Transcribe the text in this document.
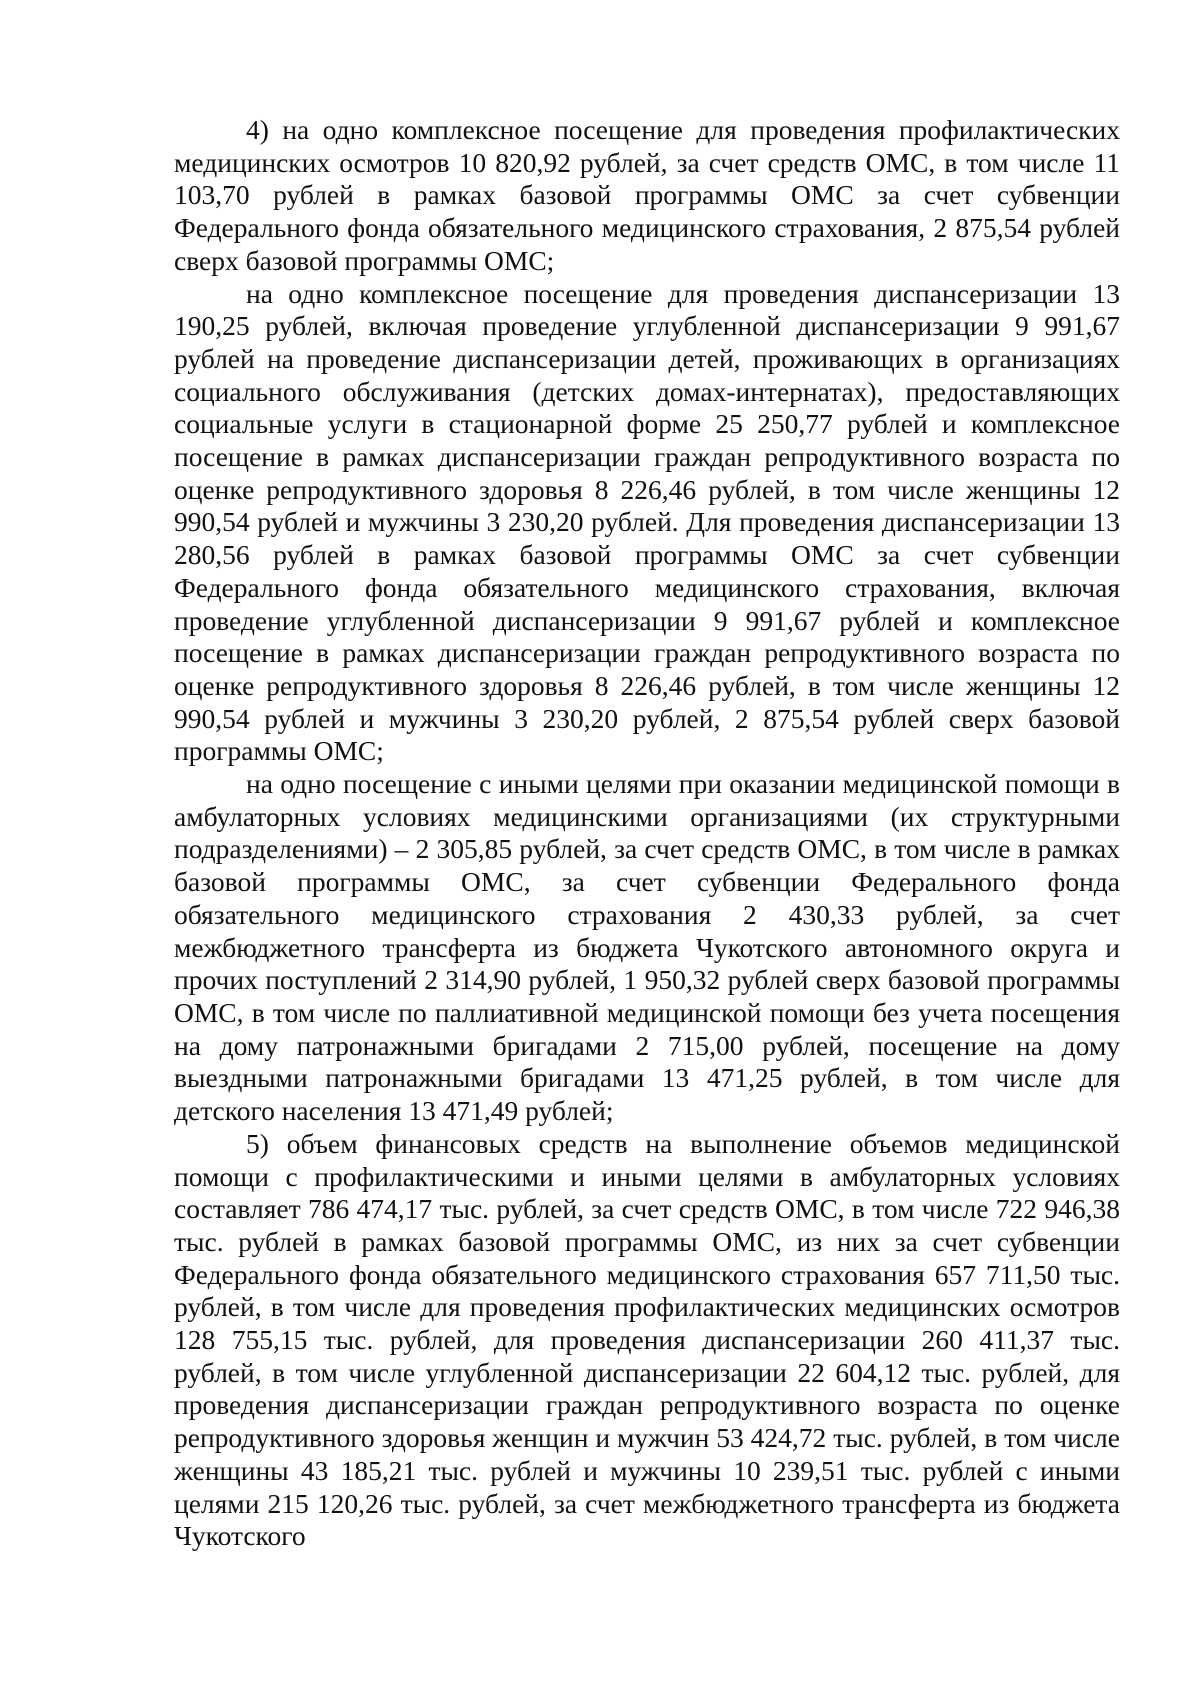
4) на одно комплексное посещение для проведения профилактических медицинских осмотров 10 820,92 рублей, за счет средств ОМС, в том числе 11 103,70 рублей в рамках базовой программы ОМС за счет субвенции Федерального фонда обязательного медицинского страхования, 2 875,54 рублей сверх базовой программы ОМС;

на одно комплексное посещение для проведения диспансеризации 13 190,25 рублей, включая проведение углубленной диспансеризации 9 991,67 рублей на проведение диспансеризации детей, проживающих в организациях социального обслуживания (детских домах-интернатах), предоставляющих социальные услуги в стационарной форме 25 250,77 рублей и комплексное посещение в рамках диспансеризации граждан репродуктивного возраста по оценке репродуктивного здоровья 8 226,46 рублей, в том числе женщины 12 990,54 рублей и мужчины 3 230,20 рублей. Для проведения диспансеризации 13 280,56 рублей в рамках базовой программы ОМС за счет субвенции Федерального фонда обязательного медицинского страхования, включая проведение углубленной диспансеризации 9 991,67 рублей и комплексное посещение в рамках диспансеризации граждан репродуктивного возраста по оценке репродуктивного здоровья 8 226,46 рублей, в том числе женщины 12 990,54 рублей и мужчины 3 230,20 рублей, 2 875,54 рублей сверх базовой программы ОМС;

на одно посещение с иными целями при оказании медицинской помощи в амбулаторных условиях медицинскими организациями (их структурными подразделениями) – 2 305,85 рублей, за счет средств ОМС, в том числе в рамках базовой программы ОМС, за счет субвенции Федерального фонда обязательного медицинского страхования 2 430,33 рублей, за счет межбюджетного трансферта из бюджета Чукотского автономного округа и прочих поступлений 2 314,90 рублей, 1 950,32 рублей сверх базовой программы ОМС, в том числе по паллиативной медицинской помощи без учета посещения на дому патронажными бригадами 2 715,00 рублей, посещение на дому выездными патронажными бригадами 13 471,25 рублей, в том числе для детского населения 13 471,49 рублей;

5) объем финансовых средств на выполнение объемов медицинской помощи с профилактическими и иными целями в амбулаторных условиях составляет 786 474,17 тыс. рублей, за счет средств ОМС, в том числе 722 946,38 тыс. рублей в рамках базовой программы ОМС, из них за счет субвенции Федерального фонда обязательного медицинского страхования 657 711,50 тыс. рублей, в том числе для проведения профилактических медицинских осмотров 128 755,15 тыс. рублей, для проведения диспансеризации 260 411,37 тыс. рублей, в том числе углубленной диспансеризации 22 604,12 тыс. рублей, для проведения диспансеризации граждан репродуктивного возраста по оценке репродуктивного здоровья женщин и мужчин 53 424,72 тыс. рублей, в том числе женщины 43 185,21 тыс. рублей и мужчины 10 239,51 тыс. рублей с иными целями 215 120,26 тыс. рублей, за счет межбюджетного трансферта из бюджета Чукотского
